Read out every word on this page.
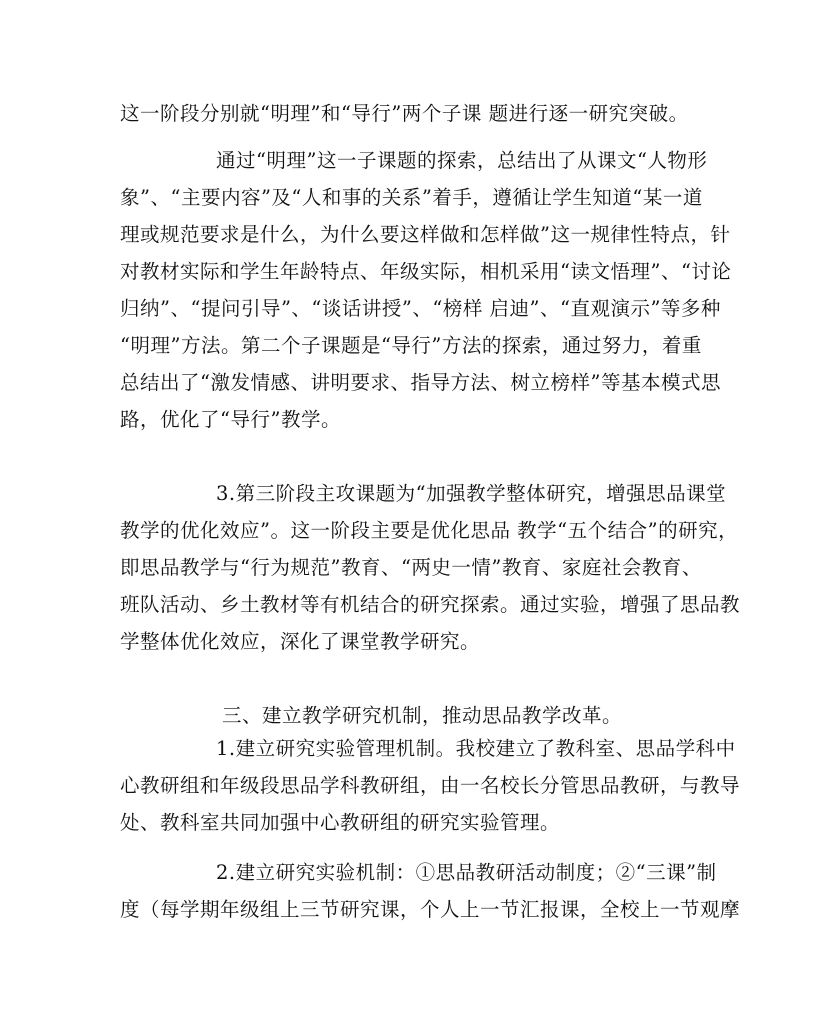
这一阶段分别就“明理”和“导行”两个子课 题进行逐一研究突破。
通过“明理”这一子课题的探索，总结出了从课文“人物形
象”、“主要内容”及“人和事的关系”着手，遵循让学生知道“某一道
理或规范要求是什么，为什么要这样做和怎样做”这一规律性特点，针
对教材实际和学生年龄特点、年级实际，相机采用“读文悟理”、“讨论
归纳”、“提问引导”、“谈话讲授”、“榜样 启迪”、“直观演示”等多种
“明理”方法。第二个子课题是“导行”方法的探索，通过努力，着重
总结出了“激发情感、讲明要求、指导方法、树立榜样”等基本模式思
路，优化了“导行”教学。
3.第三阶段主攻课题为“加强教学整体研究，增强思品课堂
教学的优化效应”。这一阶段主要是优化思品 教学“五个结合”的研究，
即思品教学与“行为规范”教育、“两史一情”教育、家庭社会教育、
班队活动、乡土教材等有机结合的研究探索。通过实验，增强了思品教
学整体优化效应，深化了课堂教学研究。
三、建立教学研究机制，推动思品教学改革。
1.建立研究实验管理机制。我校建立了教科室、思品学科中
心教研组和年级段思品学科教研组，由一名校长分管思品教研，与教导
处、教科室共同加强中心教研组的研究实验管理。
2.建立研究实验机制：①思品教研活动制度；②“三课”制
度（每学期年级组上三节研究课，个人上一节汇报课，全校上一节观摩
